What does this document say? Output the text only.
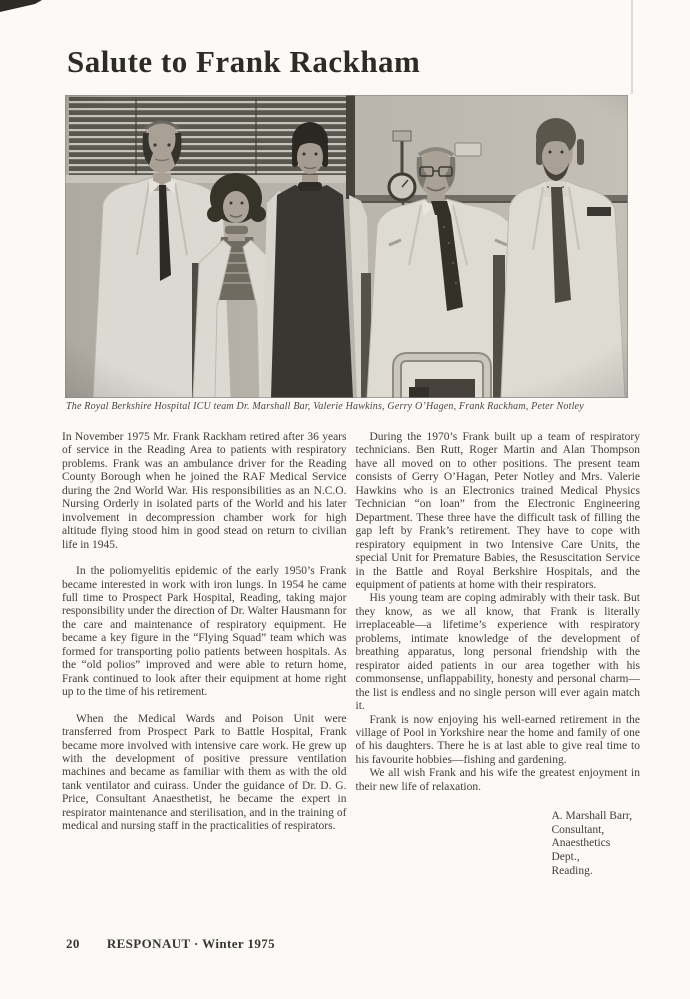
Salute to Frank Rackham
The Royal Berkshire Hospital ICU team Dr. Marshall Bar, Valerie Hawkins, Gerry O’Hagen, Frank Rackham, Peter Notley

In November 1975 Mr. Frank Rackham retired after 36 years of service in the Reading Area to patients with respiratory problems. Frank was an ambulance driver for the Reading County Borough when he joined the RAF Medical Service during the 2nd World War. His responsibilities as an N.C.O. Nursing Orderly in isolated parts of the World and his later involvement in decompression chamber work for high altitude flying stood him in good stead on return to civilian life in 1945.

In the poliomyelitis epidemic of the early 1950’s Frank became interested in work with iron lungs. In 1954 he came full time to Prospect Park Hospital, Reading, taking major responsibility under the direction of Dr. Walter Hausmann for the care and maintenance of respiratory equipment. He became a key figure in the “Flying Squad” team which was formed for transporting polio patients between hospitals. As the “old polios” improved and were able to return home, Frank continued to look after their equipment at home right up to the time of his retirement.

When the Medical Wards and Poison Unit were transferred from Prospect Park to Battle Hospital, Frank became more involved with intensive care work. He grew up with the development of positive pressure ventilation machines and became as familiar with them as with the old tank ventilator and cuirass. Under the guidance of Dr. D. G. Price, Consultant Anaesthetist, he became the expert in respirator maintenance and sterilisation, and in the training of medical and nursing staff in the practicalities of respirators.

During the 1970’s Frank built up a team of respiratory technicians. Ben Rutt, Roger Martin and Alan Thompson have all moved on to other positions. The present team consists of Gerry O’Hagan, Peter Notley and Mrs. Valerie Hawkins who is an Electronics trained Medical Physics Technician “on loan” from the Electronic Engineering Department. These three have the difficult task of filling the gap left by Frank’s retirement. They have to cope with respiratory equipment in two Intensive Care Units, the special Unit for Premature Babies, the Resuscitation Service in the Battle and Royal Berkshire Hospitals, and the equipment of patients at home with their respirators.

His young team are coping admirably with their task. But they know, as we all know, that Frank is literally irreplaceable—a lifetime’s experience with respiratory problems, intimate knowledge of the development of breathing apparatus, long personal friendship with the respirator aided patients in our area together with his commonsense, unflappability, honesty and personal charm—the list is endless and no single person will ever again match it.

Frank is now enjoying his well-earned retirement in the village of Pool in Yorkshire near the home and family of one of his daughters. There he is at last able to give real time to his favourite hobbies—fishing and gardening.

We all wish Frank and his wife the greatest enjoyment in their new life of relaxation.

A. Marshall Barr,
Consultant,
Anaesthetics Dept.,
Reading.
20 RESPONAUT · Winter 1975
